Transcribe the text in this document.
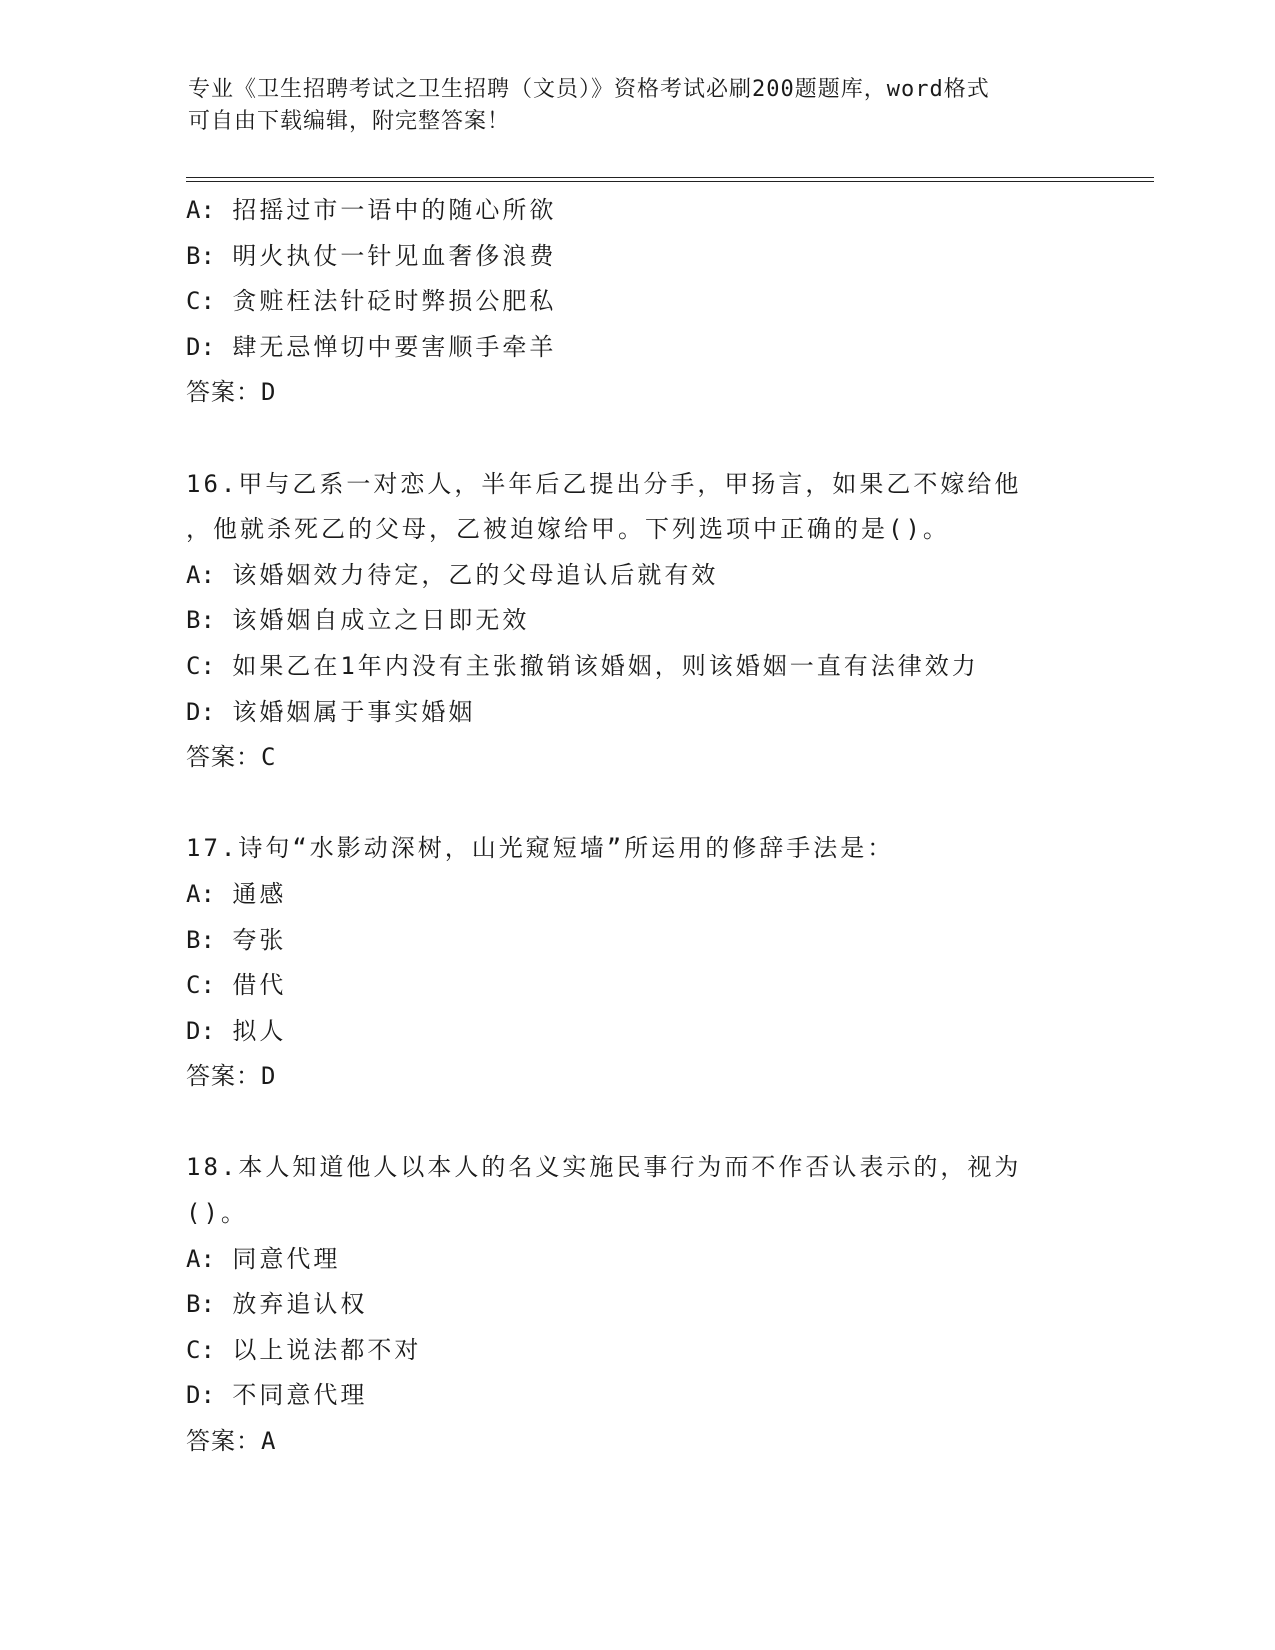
专业《卫生招聘考试之卫生招聘（文员）》资格考试必刷200题题库，word格式
可自由下载编辑，附完整答案！
A: 招摇过市一语中的随心所欲
B: 明火执仗一针见血奢侈浪费
C: 贪赃枉法针砭时弊损公肥私
D: 肆无忌惮切中要害顺手牵羊
答案：D
16.甲与乙系一对恋人，半年后乙提出分手，甲扬言，如果乙不嫁给他
，他就杀死乙的父母，乙被迫嫁给甲。下列选项中正确的是()。
A: 该婚姻效力待定，乙的父母追认后就有效
B: 该婚姻自成立之日即无效
C: 如果乙在1年内没有主张撤销该婚姻，则该婚姻一直有法律效力
D: 该婚姻属于事实婚姻
答案：C
17.诗句“水影动深树，山光窥短墙”所运用的修辞手法是：
A: 通感
B: 夸张
C: 借代
D: 拟人
答案：D
18.本人知道他人以本人的名义实施民事行为而不作否认表示的，视为
()。
A: 同意代理
B: 放弃追认权
C: 以上说法都不对
D: 不同意代理
答案：A
